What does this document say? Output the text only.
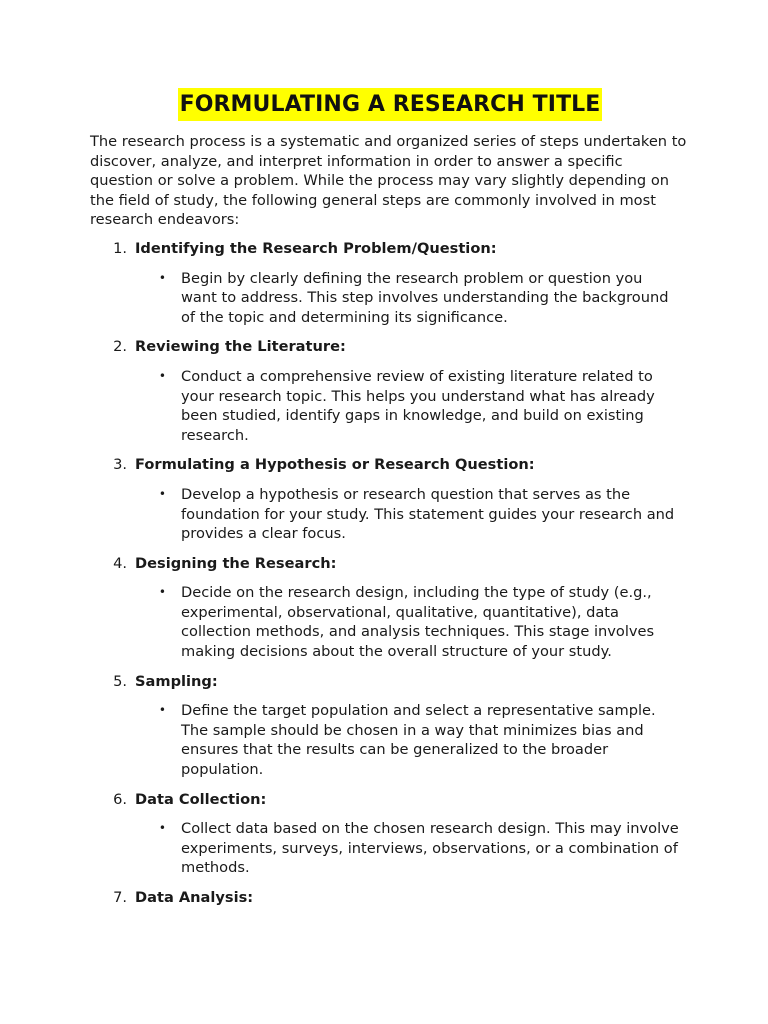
FORMULATING A RESEARCH TITLE

The research process is a systematic and organized series of steps undertaken to discover, analyze, and interpret information in order to answer a specific question or solve a problem. While the process may vary slightly depending on the field of study, the following general steps are commonly involved in most research endeavors:

1. Identifying the Research Problem/Question:
•	Begin by clearly defining the research problem or question you want to address. This step involves understanding the background of the topic and determining its significance.
2. Reviewing the Literature:
•	Conduct a comprehensive review of existing literature related to your research topic. This helps you understand what has already been studied, identify gaps in knowledge, and build on existing research.
3. Formulating a Hypothesis or Research Question:
•	Develop a hypothesis or research question that serves as the foundation for your study. This statement guides your research and provides a clear focus.
4. Designing the Research:
•	Decide on the research design, including the type of study (e.g., experimental, observational, qualitative, quantitative), data collection methods, and analysis techniques. This stage involves making decisions about the overall structure of your study.
5. Sampling:
•	Define the target population and select a representative sample. The sample should be chosen in a way that minimizes bias and ensures that the results can be generalized to the broader population.
6. Data Collection:
•	Collect data based on the chosen research design. This may involve experiments, surveys, interviews, observations, or a combination of methods.
7. Data Analysis:
